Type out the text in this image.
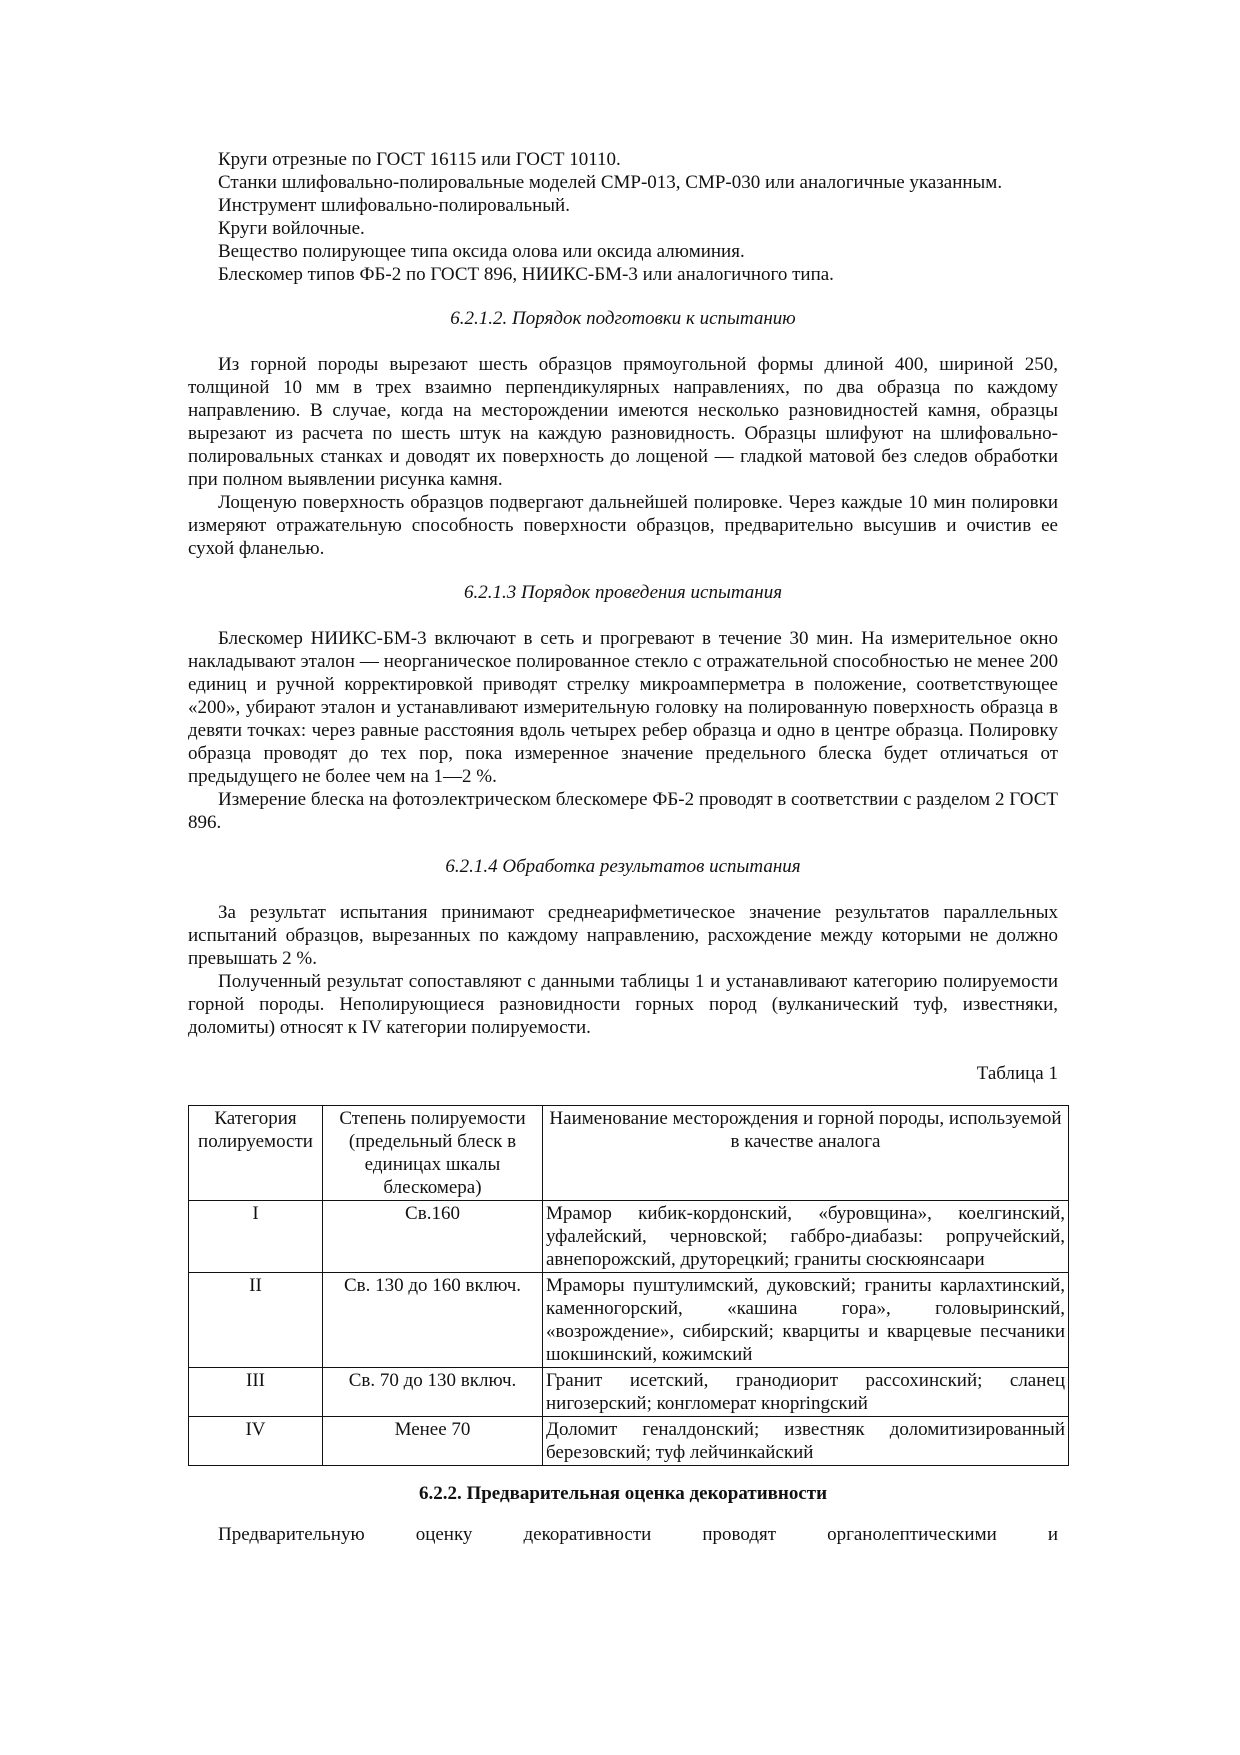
Круги отрезные по ГОСТ 16115 или ГОСТ 10110.

Станки шлифовально-полировальные моделей СМР-013, СМР-030 или аналогичные указанным.

Инструмент шлифовально-полировальный.

Круги войлочные.

Вещество полирующее типа оксида олова или оксида алюминия.

Блескомер типов ФБ-2 по ГОСТ 896, НИИКС-БМ-3 или аналогичного типа.

6.2.1.2. Порядок подготовки к испытанию

Из горной породы вырезают шесть образцов прямоугольной формы длиной 400, шириной 250, толщиной 10 мм в трех взаимно перпендикулярных направлениях, по два образца по каждому направлению. В случае, когда на месторождении имеются несколько разновидностей камня, образцы вырезают из расчета по шесть штук на каждую разновидность. Образцы шлифуют на шлифовально-полировальных станках и доводят их поверхность до лощеной — гладкой матовой без следов обработки при полном выявлении рисунка камня.

Лощеную поверхность образцов подвергают дальнейшей полировке. Через каждые 10 мин полировки измеряют отражательную способность поверхности образцов, предварительно высушив и очистив ее сухой фланелью.

6.2.1.3 Порядок проведения испытания

Блескомер НИИКС-БМ-3 включают в сеть и прогревают в течение 30 мин. На измерительное окно накладывают эталон — неорганическое полированное стекло с отражательной способностью не менее 200 единиц и ручной корректировкой приводят стрелку микроамперметра в положение, соответствующее «200», убирают эталон и устанавливают измерительную головку на полированную поверхность образца в девяти точках: через равные расстояния вдоль четырех ребер образца и одно в центре образца. Полировку образца проводят до тех пор, пока измеренное значение предельного блеска будет отличаться от предыдущего не более чем на 1—2 %.

Измерение блеска на фотоэлектрическом блескомере ФБ-2 проводят в соответствии с разделом 2 ГОСТ 896.

6.2.1.4 Обработка результатов испытания

За результат испытания принимают среднеарифметическое значение результатов параллельных испытаний образцов, вырезанных по каждому направлению, расхождение между которыми не должно превышать 2 %.

Полученный результат сопоставляют с данными таблицы 1 и устанавливают категорию полируемости горной породы. Неполирующиеся разновидности горных пород (вулканический туф, известняки, доломиты) относят к IV категории полируемости.

Таблица 1

Категория полируемости	Степень полируемости (предельный блеск в единицах шкалы блескомера)	Наименование месторождения и горной породы, используемой в качестве аналога
I	Св.160	Мрамор кибик-кордонский, «буровщина», коелгинский, уфалейский, черновской; габбро-диабазы: ропручейский, авнепорожский, друторецкий; граниты сюскюянсаари
II	Св. 130 до 160 включ.	Мраморы пуштулимский, дуковский; граниты карлахтинский, каменногорский, «кашина гора», головыринский, «возрождение», сибирский; кварциты и кварцевые песчаники шокшинский, кожимский
III	Св. 70 до 130 включ.	Гранит исетский, гранодиорит рассохинский; сланец нигозерский; конгломерат кнорringский
IV	Менее 70	Доломит геналдонский; известняк доломитизированный березовский; туф лейчинкайский

6.2.2. Предварительная оценка декоративности

Предварительную оценку декоративности проводят органолептическими и
